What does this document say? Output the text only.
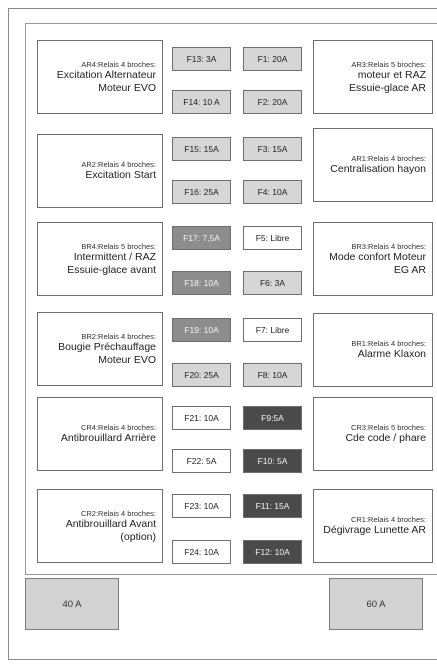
AR4:Relais 4 broches:
Excitation Alternateur Moteur EVO
AR2:Relais 4 broches:
Excitation Start
BR4:Relais 5 broches:
Intermittent / RAZ Essuie-glace avant
BR2:Relais 4 broches:
Bougie Préchauffage Moteur EVO
CR4:Relais 4 broches:
Antibrouillard Arrière
CR2:Relais 4 broches:
Antibrouillard Avant (option)
AR3:Relais 5 broches:
moteur et RAZ Essuie-glace AR
AR1:Relais 4 broches:
Centralisation hayon
BR3:Relais 4 broches:
Mode confort Moteur EG AR
BR1:Relais 4 broches:
Alarme Klaxon
CR3:Relais 5 broches:
Cde code / phare
CR1:Relais 4 broches:
Dégivrage Lunette AR
F13: 3A	F1: 20A
F14: 10 A	F2: 20A
F15: 15A	F3: 15A
F16: 25A	F4: 10A
F17: 7,5A	F5: Libre
F18: 10A	F6: 3A
F19: 10A	F7: Libre
F20: 25A	F8: 10A
F21: 10A	F9:5A
F22: 5A	F10: 5A
F23: 10A	F11: 15A
F24: 10A	F12: 10A
40 A	60 A
